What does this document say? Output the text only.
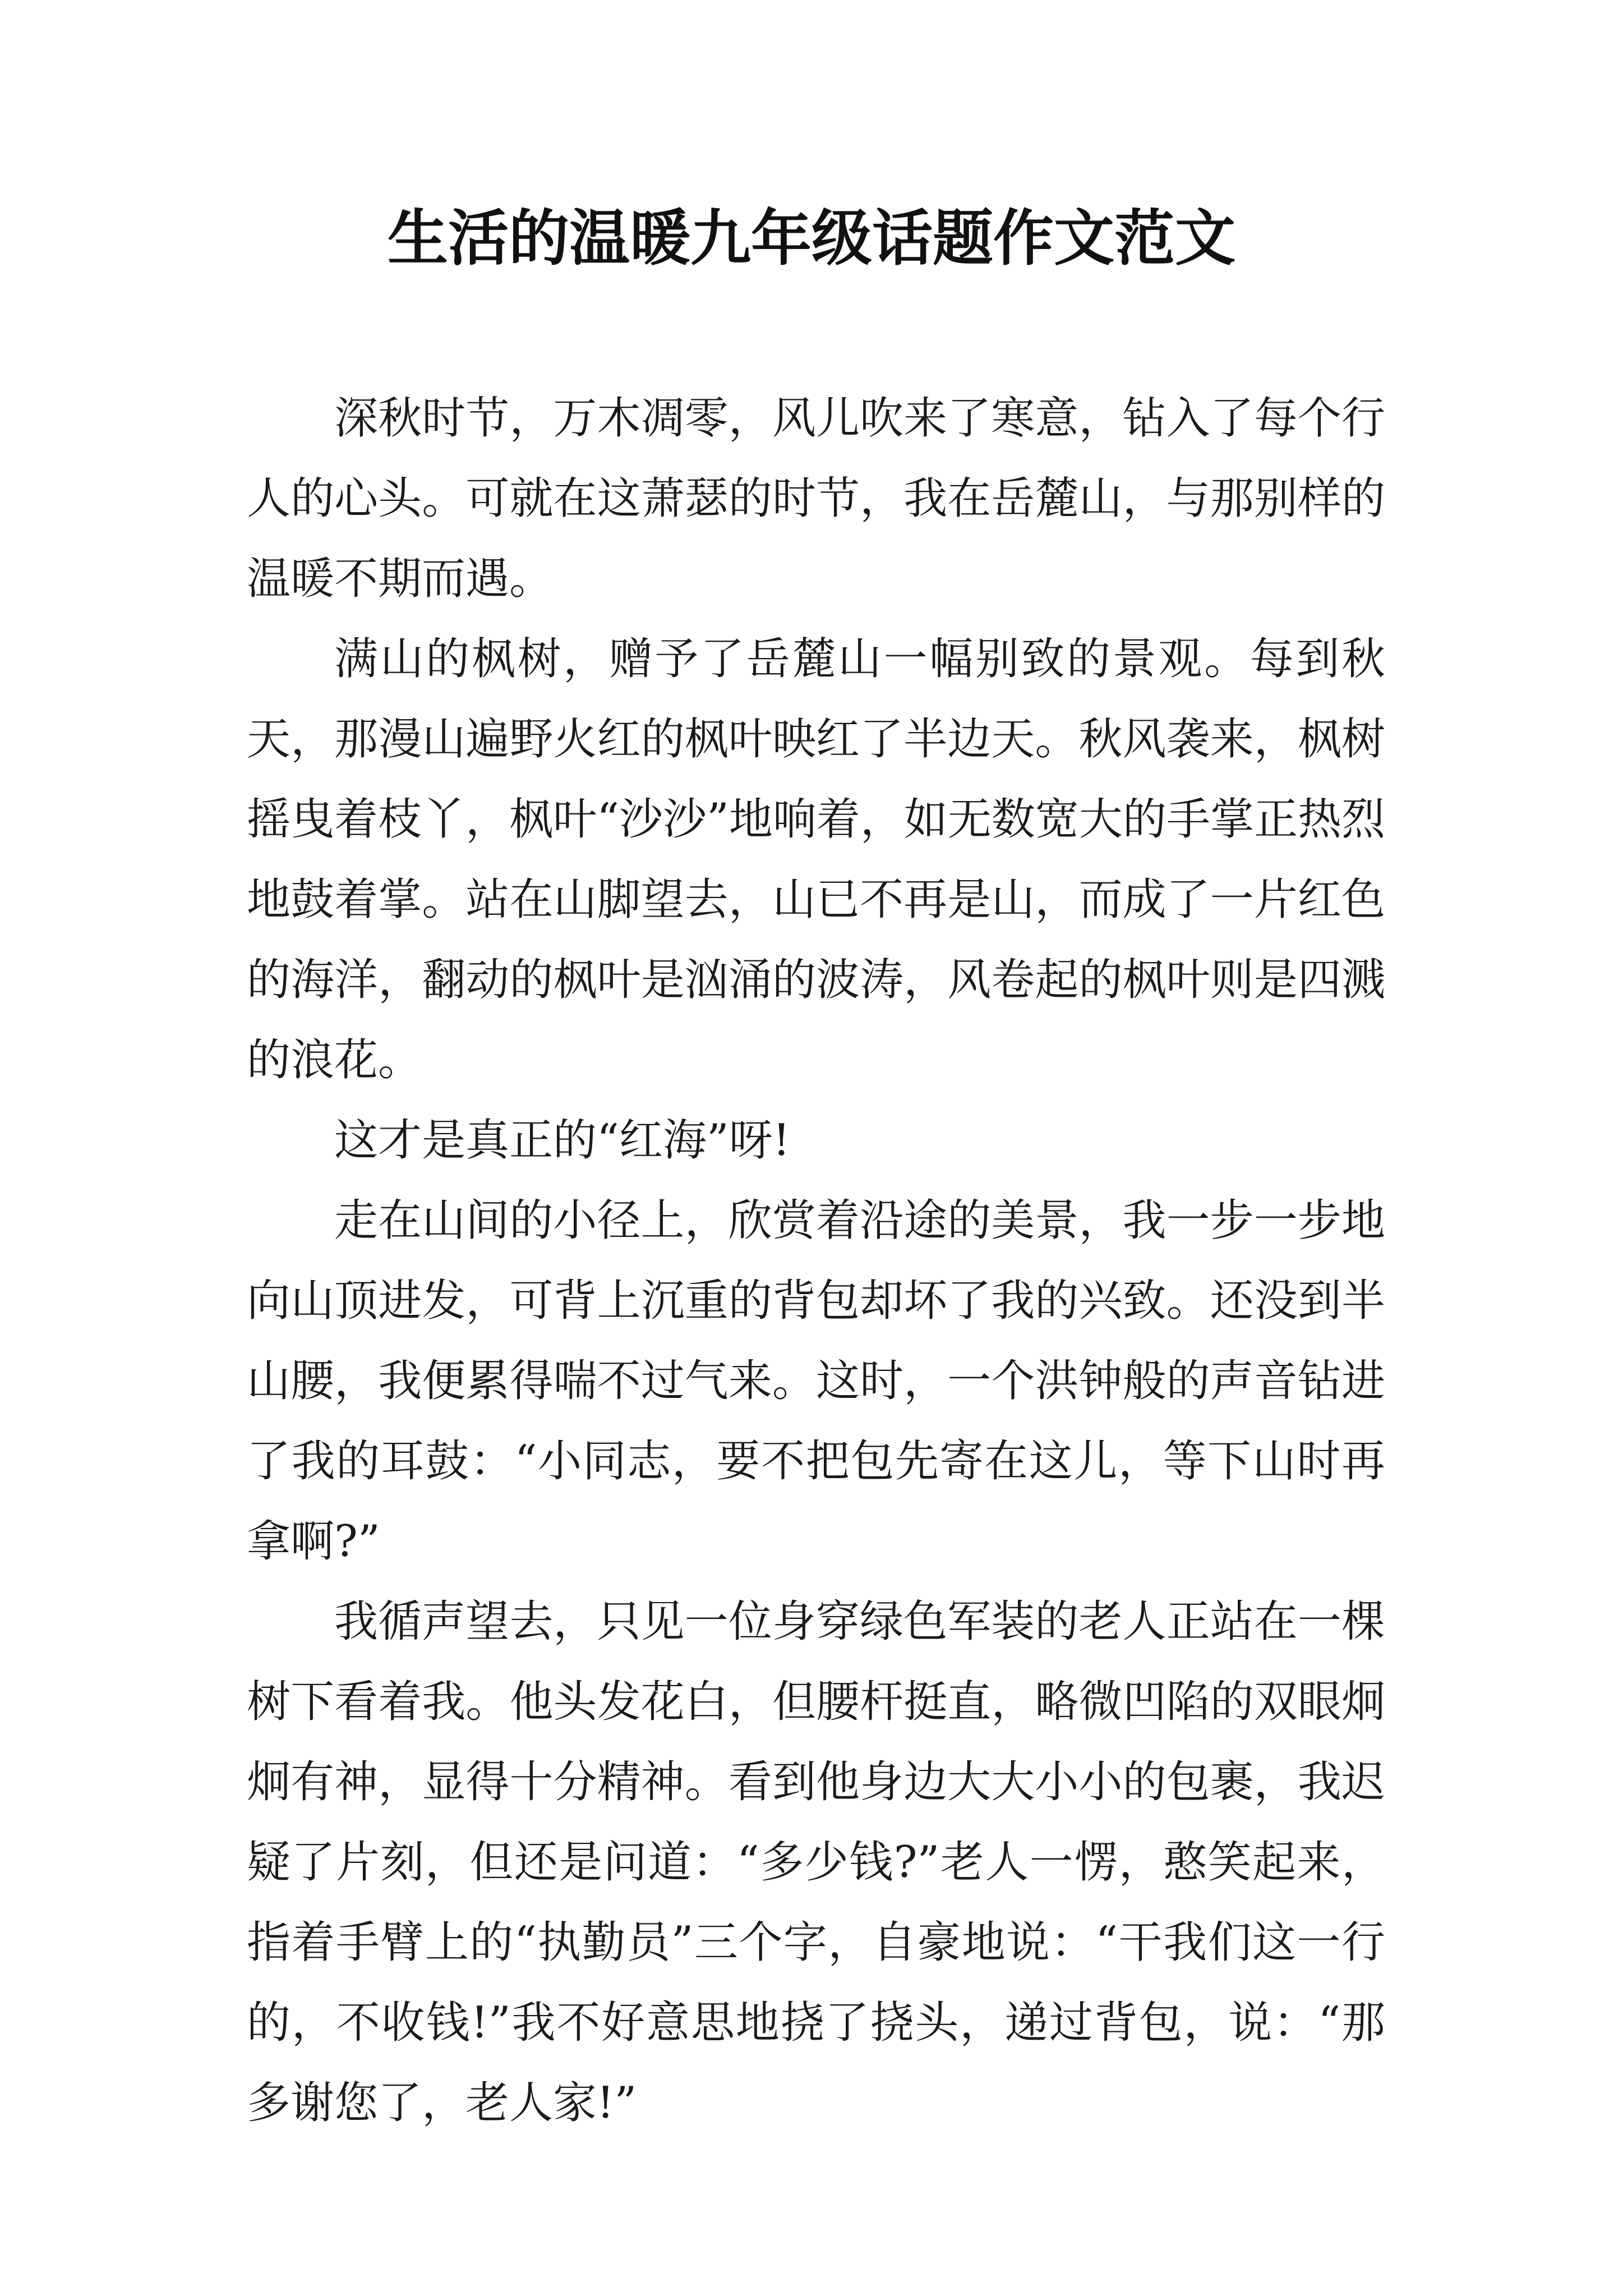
生活的温暖九年级话题作文范文

深秋时节，万木凋零，风儿吹来了寒意，钻入了每个行人的心头。可就在这萧瑟的时节，我在岳麓山，与那别样的温暖不期而遇。

满山的枫树，赠予了岳麓山一幅别致的景观。每到秋天，那漫山遍野火红的枫叶映红了半边天。秋风袭来，枫树摇曳着枝丫，枫叶“沙沙”地响着，如无数宽大的手掌正热烈地鼓着掌。站在山脚望去，山已不再是山，而成了一片红色的海洋，翻动的枫叶是汹涌的波涛，风卷起的枫叶则是四溅的浪花。

这才是真正的“红海”呀!

走在山间的小径上，欣赏着沿途的美景，我一步一步地向山顶进发，可背上沉重的背包却坏了我的兴致。还没到半山腰，我便累得喘不过气来。这时，一个洪钟般的声音钻进了我的耳鼓：“小同志，要不把包先寄在这儿，等下山时再拿啊?”

我循声望去，只见一位身穿绿色军装的老人正站在一棵树下看着我。他头发花白，但腰杆挺直，略微凹陷的双眼炯炯有神，显得十分精神。看到他身边大大小小的包裹，我迟疑了片刻，但还是问道：“多少钱?”老人一愣，憨笑起来，指着手臂上的“执勤员”三个字，自豪地说：“干我们这一行的，不收钱!”我不好意思地挠了挠头，递过背包，说：“那多谢您了，老人家!”
